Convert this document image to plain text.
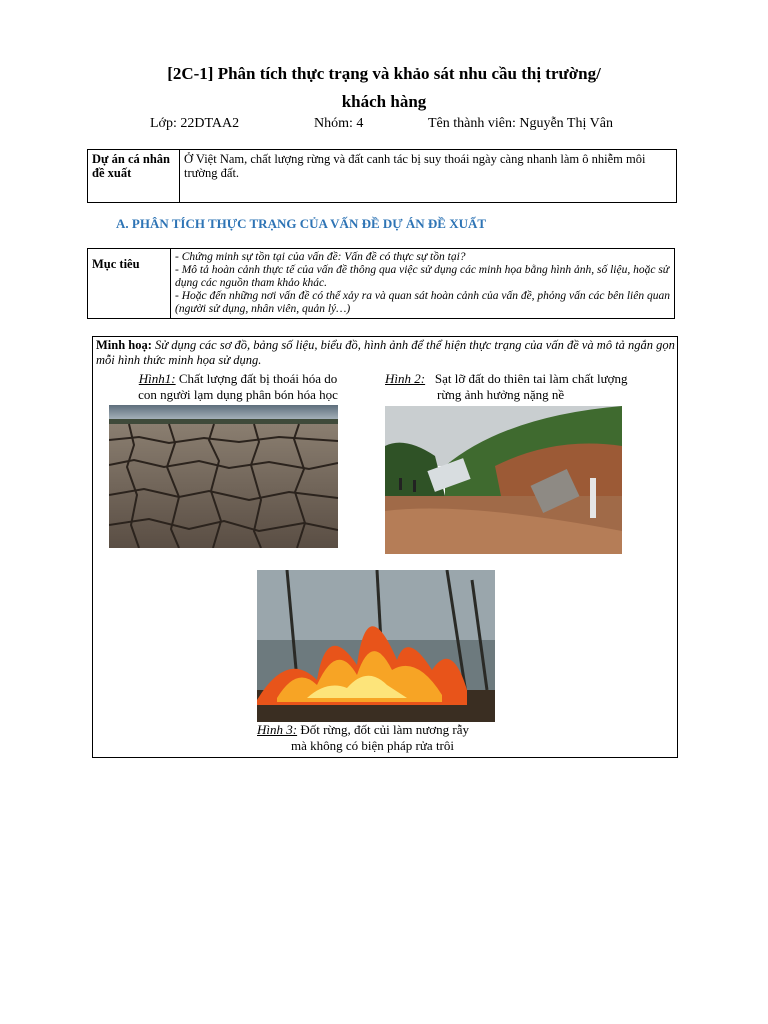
[2C-1] Phân tích thực trạng và khảo sát nhu cầu thị trường/
khách hàng
Lớp: 22DTAA2	Nhóm: 4	Tên thành viên: Nguyễn Thị Vân
Dự án cá nhân đề xuất	Ở Việt Nam, chất lượng rừng và đất canh tác bị suy thoái ngày càng nhanh làm ô nhiễm môi trường đất.
A. PHÂN TÍCH THỰC TRẠNG CỦA VẤN ĐỀ DỰ ÁN ĐỀ XUẤT
Mục tiêu	- Chứng minh sự tồn tại của vấn đề: Vấn đề có thực sự tồn tại?
- Mô tả hoàn cảnh thực tế của vấn đề thông qua việc sử dụng các minh họa bằng hình ảnh, số liệu, hoặc sử dụng các nguồn tham khảo khác.
- Hoặc đến những nơi vấn đề có thể xảy ra và quan sát hoàn cảnh của vấn đề, phỏng vấn các bên liên quan (người sử dụng, nhân viên, quản lý…)
Minh hoạ: Sử dụng các sơ đồ, bảng số liệu, biểu đồ, hình ảnh để thể hiện thực trạng của vấn đề và mô tả ngắn gọn mỗi hình thức minh họa sử dụng.
Hình1: Chất lượng đất bị thoái hóa do
con người lạm dụng phân bón hóa học
Hình 2: Sạt lỡ đất do thiên tai làm chất lượng
rừng ảnh hưởng nặng nề
Hình 3: Đốt rừng, đốt củi làm nương rẫy
mà không có biện pháp rửa trôi
